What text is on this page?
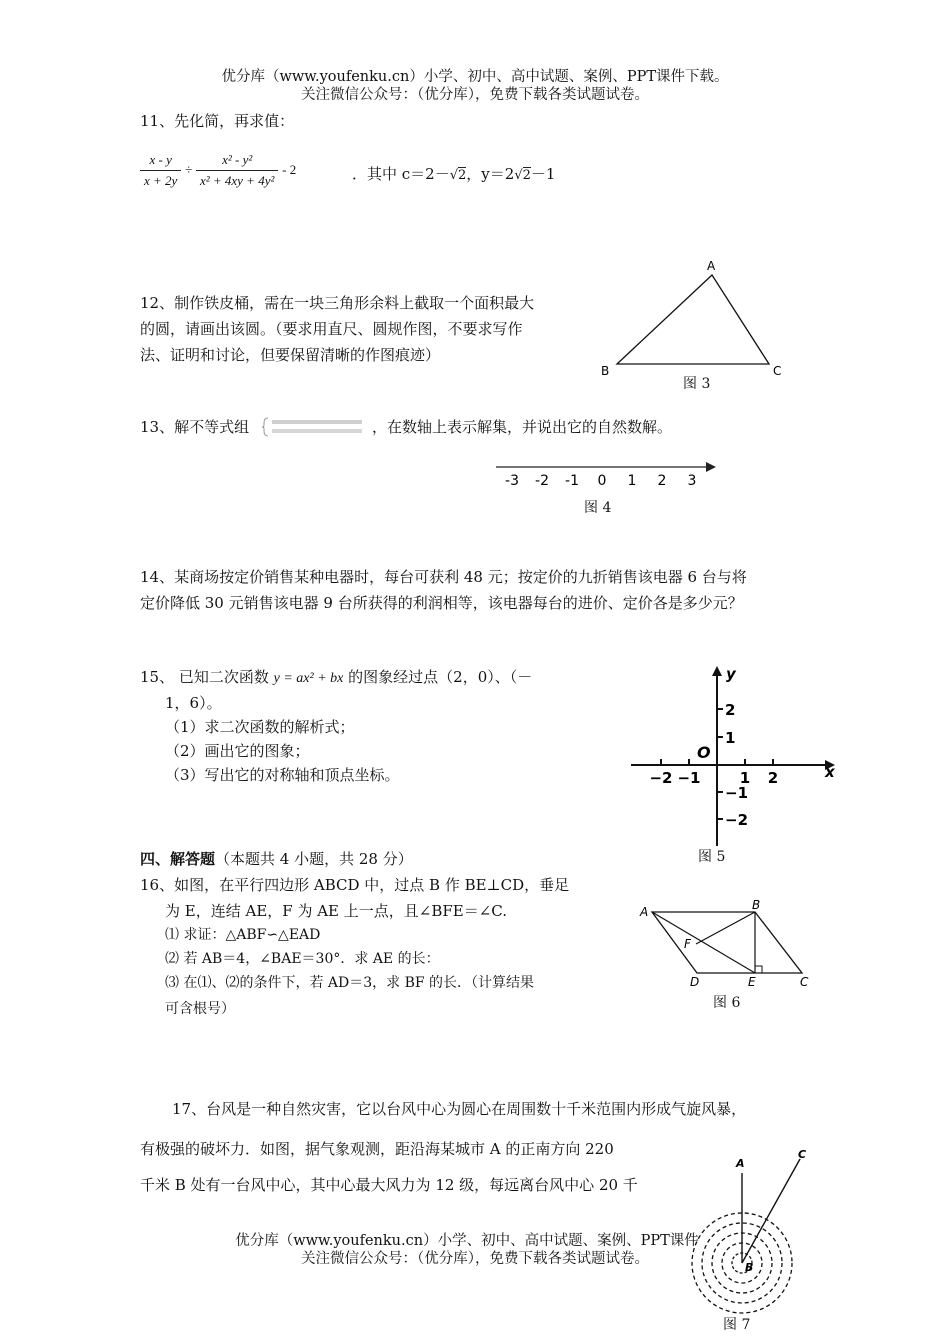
优分库（www.youfenku.cn）小学、初中、高中试题、案例、PPT课件下载。
关注微信公众号：（优分库），免费下载各类试题试卷。
11、先化简，再求值：
$\frac{x - y}{x + 2y} \div \frac{\text{x² - y²}}{\text{x² + 4xy + 4y²}} - 2$	．其中 c＝2－√2，y＝2√2－1
12、制作铁皮桶，需在一块三角形余料上截取一个面积最大
的圆，请画出该圆。（要求用直尺、圆规作图，不要求写作
法、证明和讨论，但要保留清晰的作图痕迹）
A
B	C
图 3
13、解不等式组	，在数轴上表示解集，并说出它的自然数解。
-3 -2 -1 0 1 2 3
图 4
14、某商场按定价销售某种电器时，每台可获利 48 元；按定价的九折销售该电器 6 台与将
定价降低 30 元销售该电器 9 台所获得的利润相等，该电器每台的进价、定价各是多少元？
15、 已知二次函数 y = ax² + bx 的图象经过点（2，0）、（－
1，6）。
（1）求二次函数的解析式；
（2）画出它的图象；
（3）写出它的对称轴和顶点坐标。
y
x
O
−2 −1	1 2
2
1
−1
−2
图 5
四、解答题（本题共 4 小题，共 28 分）
16、如图，在平行四边形 ABCD 中，过点 B 作 BE⊥CD，垂足
为 E，连结 AE，F 为 AE 上一点，且∠BFE＝∠C.
⑴ 求证：△ABF∽△EAD
⑵ 若 AB＝4，∠BAE＝30°．求 AE 的长：
⑶ 在⑴、⑵的条件下，若 AD＝3，求 BF 的长．（计算结果
可含根号）
A	B
C
D	E
F
图 6
17、台风是一种自然灾害，它以台风中心为圆心在周围数十千米范围内形成气旋风暴，
有极强的破坏力．如图，据气象观测，距沿海某城市 A 的正南方向 220
千米 B 处有一台风中心，其中心最大风力为 12 级，每远离台风中心 20 千
A
C
B
图 7
优分库（www.youfenku.cn）小学、初中、高中试题、案例、PPT课件
关注微信公众号：（优分库），免费下载各类试题试卷。
